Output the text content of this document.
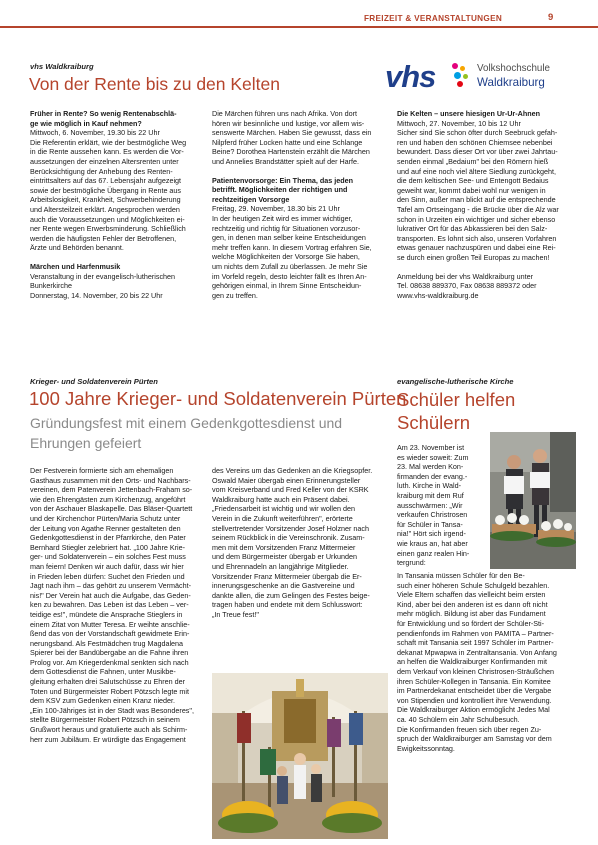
FREIZEIT & VERANSTALTUNGEN	9
vhs Waldkraiburg
Von der Rente bis zu den Kelten	vhs	Volkshochschule
Waldkraiburg

Früher in Rente? So wenig Rentenabschlä-

ge wie möglich in Kauf nehmen?

Mittwoch, 6. November, 19.30 bis 22 Uhr

Die Referentin erklärt, wie der bestmögliche Weg

in die Rente aussehen kann. Es werden die Vor-

aussetzungen der einzelnen Altersrenten unter

Berücksichtigung der Anhebung des Renten-

eintrittsalters auf das 67. Lebensjahr aufgezeigt

sowie der bestmögliche Übergang in Rente aus

Arbeitslosigkeit, Krankheit, Schwerbehinderung

und Altersteilzeit erklärt. Angesprochen werden

auch die Voraussetzungen und Möglichkeiten ei-

ner Rente wegen Erwerbsminderung. Schließlich

werden die häufigsten Fehler der Betroffenen,

Ärzte und Behörden benannt.

Märchen und Harfenmusik

Veranstaltung in der evangelisch-lutherischen

Bunkerkirche

Donnerstag, 14. November, 20 bis 22 Uhr

Die Märchen führen uns nach Afrika. Von dort

hören wir besinnliche und lustige, vor allem wis-

senswerte Märchen. Haben Sie gewusst, dass ein

Nilpferd früher Locken hatte und eine Schlange

Beine? Dorothea Hartenstein erzählt die Märchen

und Annelies Brandstätter spielt auf der Harfe.

Patientenvorsorge: Ein Thema, das jeden

betrifft. Möglichkeiten der richtigen und

rechtzeitigen Vorsorge

Freitag, 29. November, 18.30 bis 21 Uhr

In der heutigen Zeit wird es immer wichtiger,

rechtzeitig und richtig für Situationen vorzusor-

gen, in denen man selber keine Entscheidungen

mehr treffen kann. In diesem Vortrag erfahren Sie,

welche Möglichkeiten der Vorsorge Sie haben,

um nichts dem Zufall zu überlassen. Je mehr Sie

im Vorfeld regeln, desto leichter fällt es Ihren An-

gehörigen einmal, in Ihrem Sinne Entscheidun-

gen zu treffen.

Die Kelten – unsere hiesigen Ur-Ur-Ahnen

Mittwoch, 27. November, 10 bis 12 Uhr

Sicher sind Sie schon öfter durch Seebruck gefah-

ren und haben den schönen Chiemsee nebenbei

bewundert. Dass dieser Ort vor über zwei Jahrtau-

senden einmal „Bedaium" bei den Römern hieß

und auf eine noch viel ältere Siedlung zurückgeht,

die dem keltischen See- und Entengott Bedaius

geweiht war, kommt dabei wohl nur wenigen in

den Sinn, außer man blickt auf die entsprechende

Tafel am Ortseingang - die Brücke über die Alz war

schon in Urzeiten ein wichtiger und sicher ebenso

lukrativer Ort für das Abkassieren bei den Salz-

transporten. Es lohnt sich also, unseren Vorfahren

etwas genauer nachzuspüren und dabei eine Rei-

se durch einen großen Teil Europas zu machen!

Anmeldung bei der vhs Waldkraiburg unter

Tel. 08638 889370, Fax 08638 889372 oder

www.vhs-waldkraiburg.de

Krieger- und Soldatenverein Pürten
100 Jahre Krieger- und Soldatenverein Pürten
Gründungsfest mit einem Gedenkgottesdienst und
Ehrungen gefeiert

Der Festverein formierte sich am ehemaligen

Gasthaus zusammen mit den Orts- und Nachbars-

vereinen, dem Patenverein Jettenbach-Fraham so-

wie den Ehrengästen zum Kirchenzug, angeführt

von der Aschauer Blaskapelle. Das Bläser-Quartett

und der Kirchenchor Pürten/Maria Schutz unter

der Leitung von Agathe Renner gestalteten den

Gedenkgottesdienst in der Pfarrkirche, den Pater

Bernhard Stiegler zelebriert hat. „100 Jahre Krie-

ger- und Soldatenverein – ein solches Fest muss

man feiern! Denken wir auch dafür, dass wir hier

in Frieden leben dürfen: Suchet den Frieden und

Jagt nach ihm – das gehört zu unserem Vermächt-

nis!" Der Verein hat auch die Aufgabe, das Geden-

ken zu bewahren. Das Leben ist das Leben – ver-

teidige es!", mündete die Ansprache Stieglers in

einem Zitat von Mutter Teresa. Er weihte anschlie-

ßend das von der Vorstandschaft gewidmete Erin-

nerungsband. Als Festmädchen trug Magdalena

Spierer bei der Bandübergabe an die Fahne ihren

Prolog vor. Am Kriegerdenkmal senkten sich nach

dem Gottesdienst die Fahnen, unter Musikbe-

gleitung erhalten drei Salutschüsse zu Ehren der

Toten und Bürgermeister Robert Pötzsch legte mit

dem KSV zum Gedenken einen Kranz nieder.

„Ein 100-Jähriges ist in der Stadt was Besonderes",

stellte Bürgermeister Robert Pötzsch in seinem

Grußwort heraus und gratulierte auch als Schirm-

herr zum Jubiläum. Er würdigte das Engagement

des Vereins um das Gedenken an die Kriegsopfer.

Oswald Maier übergab einen Erinnerungsteller

vom Kreisverband und Fred Keller von der KSRK

Waldkraiburg hatte auch ein Präsent dabei.

„Friedensarbeit ist wichtig und wir wollen den

Verein in die Zukunft weiterführen", erörterte

stellvertretender Vorsitzender Josef Holzner nach

seinem Rückblick in die Vereinschronik. Zusam-

men mit dem Vorsitzenden Franz Mittermeier

und dem Bürgermeister übergab er Urkunden

und Ehrennadeln an langjährige Mitglieder.

Vorsitzender Franz Mittermeier übergab die Er-

innerungsgeschenke an die Gastvereine und

dankte allen, die zum Gelingen des Festes beige-

tragen haben und endete mit dem Schlusswort:

„In Treue fest!"

evangelische-lutherische Kirche
Schüler helfen
Schülern

Am 23. November ist

es wieder soweit: Zum

23. Mal werden Kon-

firmanden der evang.-

luth. Kirche in Wald-

kraiburg mit dem Ruf

ausschwärmen: „Wir

verkaufen Christrosen

für Schüler in Tansa-

nia!" Hört sich irgend-

wie kraus an, hat aber

einen ganz realen Hin-

tergrund:

In Tansania müssen Schüler für den Be-

such einer höheren Schule Schulgeld bezahlen.

Viele Eltern schaffen das vielleicht beim ersten

Kind, aber bei den anderen ist es dann oft nicht

mehr möglich. Bildung ist aber das Fundament

für Entwicklung und so fördert der Schüler-Sti-

pendienfonds im Rahmen von PAMITA – Partner-

schaft mit Tansania seit 1997 Schüler im Partner-

dekanat Mpwapwa in Zentraltansania. Von Anfang

an helfen die Waldkraiburger Konfirmanden mit

dem Verkauf von kleinen Christrosen-Sträußchen

ihren Schüler-Kollegen in Tansania. Ein Komitee

im Partnerdekanat entscheidet über die Vergabe

von Stipendien und kontrolliert ihre Verwendung.

Die Waldkraiburger Aktion ermöglicht Jedes Mal

ca. 40 Schülern ein Jahr Schulbesuch.

Die Konfirmanden freuen sich über regen Zu-

spruch der Waldkraiburger am Samstag vor dem

Ewigkeitssonntag.
